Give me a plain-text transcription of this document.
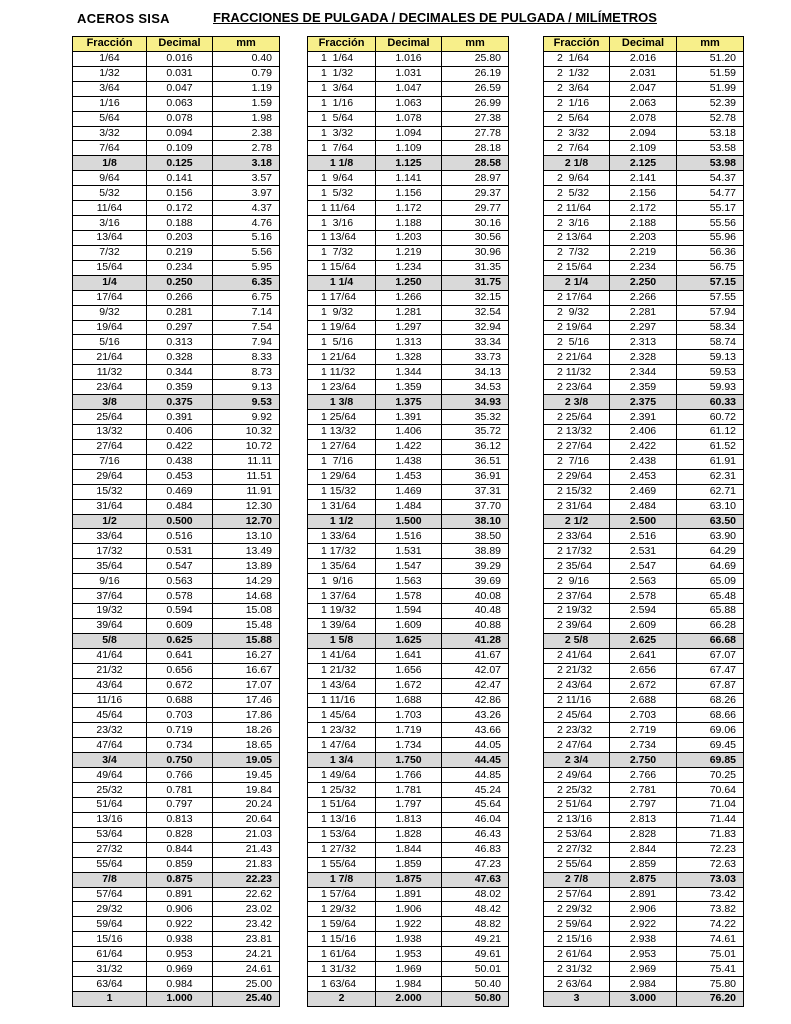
ACEROS SISA	FRACCIONES DE PULGADA / DECIMALES DE PULGADA / MILÍMETROS
Fracción	Decimal	mm
1/64	0.016	0.40
1/32	0.031	0.79
3/64	0.047	1.19
1/16	0.063	1.59
5/64	0.078	1.98
3/32	0.094	2.38
7/64	0.109	2.78
1/8	0.125	3.18
9/64	0.141	3.57
5/32	0.156	3.97
11/64	0.172	4.37
3/16	0.188	4.76
13/64	0.203	5.16
7/32	0.219	5.56
15/64	0.234	5.95
1/4	0.250	6.35
17/64	0.266	6.75
9/32	0.281	7.14
19/64	0.297	7.54
5/16	0.313	7.94
21/64	0.328	8.33
11/32	0.344	8.73
23/64	0.359	9.13
3/8	0.375	9.53
25/64	0.391	9.92
13/32	0.406	10.32
27/64	0.422	10.72
7/16	0.438	11.11
29/64	0.453	11.51
15/32	0.469	11.91
31/64	0.484	12.30
1/2	0.500	12.70
33/64	0.516	13.10
17/32	0.531	13.49
35/64	0.547	13.89
9/16	0.563	14.29
37/64	0.578	14.68
19/32	0.594	15.08
39/64	0.609	15.48
5/8	0.625	15.88
41/64	0.641	16.27
21/32	0.656	16.67
43/64	0.672	17.07
11/16	0.688	17.46
45/64	0.703	17.86
23/32	0.719	18.26
47/64	0.734	18.65
3/4	0.750	19.05
49/64	0.766	19.45
25/32	0.781	19.84
51/64	0.797	20.24
13/16	0.813	20.64
53/64	0.828	21.03
27/32	0.844	21.43
55/64	0.859	21.83
7/8	0.875	22.23
57/64	0.891	22.62
29/32	0.906	23.02
59/64	0.922	23.42
15/16	0.938	23.81
61/64	0.953	24.21
31/32	0.969	24.61
63/64	0.984	25.00
1	1.000	25.40
Fracción	Decimal	mm
1  1/64	1.016	25.80
1  1/32	1.031	26.19
1  3/64	1.047	26.59
1  1/16	1.063	26.99
1  5/64	1.078	27.38
1  3/32	1.094	27.78
1  7/64	1.109	28.18
1 1/8	1.125	28.58
1  9/64	1.141	28.97
1  5/32	1.156	29.37
1 11/64	1.172	29.77
1  3/16	1.188	30.16
1 13/64	1.203	30.56
1  7/32	1.219	30.96
1 15/64	1.234	31.35
1 1/4	1.250	31.75
1 17/64	1.266	32.15
1  9/32	1.281	32.54
1 19/64	1.297	32.94
1  5/16	1.313	33.34
1 21/64	1.328	33.73
1 11/32	1.344	34.13
1 23/64	1.359	34.53
1 3/8	1.375	34.93
1 25/64	1.391	35.32
1 13/32	1.406	35.72
1 27/64	1.422	36.12
1  7/16	1.438	36.51
1 29/64	1.453	36.91
1 15/32	1.469	37.31
1 31/64	1.484	37.70
1 1/2	1.500	38.10
1 33/64	1.516	38.50
1 17/32	1.531	38.89
1 35/64	1.547	39.29
1  9/16	1.563	39.69
1 37/64	1.578	40.08
1 19/32	1.594	40.48
1 39/64	1.609	40.88
1 5/8	1.625	41.28
1 41/64	1.641	41.67
1 21/32	1.656	42.07
1 43/64	1.672	42.47
1 11/16	1.688	42.86
1 45/64	1.703	43.26
1 23/32	1.719	43.66
1 47/64	1.734	44.05
1 3/4	1.750	44.45
1 49/64	1.766	44.85
1 25/32	1.781	45.24
1 51/64	1.797	45.64
1 13/16	1.813	46.04
1 53/64	1.828	46.43
1 27/32	1.844	46.83
1 55/64	1.859	47.23
1 7/8	1.875	47.63
1 57/64	1.891	48.02
1 29/32	1.906	48.42
1 59/64	1.922	48.82
1 15/16	1.938	49.21
1 61/64	1.953	49.61
1 31/32	1.969	50.01
1 63/64	1.984	50.40
2	2.000	50.80
Fracción	Decimal	mm
2  1/64	2.016	51.20
2  1/32	2.031	51.59
2  3/64	2.047	51.99
2  1/16	2.063	52.39
2  5/64	2.078	52.78
2  3/32	2.094	53.18
2  7/64	2.109	53.58
2 1/8	2.125	53.98
2  9/64	2.141	54.37
2  5/32	2.156	54.77
2 11/64	2.172	55.17
2  3/16	2.188	55.56
2 13/64	2.203	55.96
2  7/32	2.219	56.36
2 15/64	2.234	56.75
2 1/4	2.250	57.15
2 17/64	2.266	57.55
2  9/32	2.281	57.94
2 19/64	2.297	58.34
2  5/16	2.313	58.74
2 21/64	2.328	59.13
2 11/32	2.344	59.53
2 23/64	2.359	59.93
2 3/8	2.375	60.33
2 25/64	2.391	60.72
2 13/32	2.406	61.12
2 27/64	2.422	61.52
2  7/16	2.438	61.91
2 29/64	2.453	62.31
2 15/32	2.469	62.71
2 31/64	2.484	63.10
2 1/2	2.500	63.50
2 33/64	2.516	63.90
2 17/32	2.531	64.29
2 35/64	2.547	64.69
2  9/16	2.563	65.09
2 37/64	2.578	65.48
2 19/32	2.594	65.88
2 39/64	2.609	66.28
2 5/8	2.625	66.68
2 41/64	2.641	67.07
2 21/32	2.656	67.47
2 43/64	2.672	67.87
2 11/16	2.688	68.26
2 45/64	2.703	68.66
2 23/32	2.719	69.06
2 47/64	2.734	69.45
2 3/4	2.750	69.85
2 49/64	2.766	70.25
2 25/32	2.781	70.64
2 51/64	2.797	71.04
2 13/16	2.813	71.44
2 53/64	2.828	71.83
2 27/32	2.844	72.23
2 55/64	2.859	72.63
2 7/8	2.875	73.03
2 57/64	2.891	73.42
2 29/32	2.906	73.82
2 59/64	2.922	74.22
2 15/16	2.938	74.61
2 61/64	2.953	75.01
2 31/32	2.969	75.41
2 63/64	2.984	75.80
3	3.000	76.20
